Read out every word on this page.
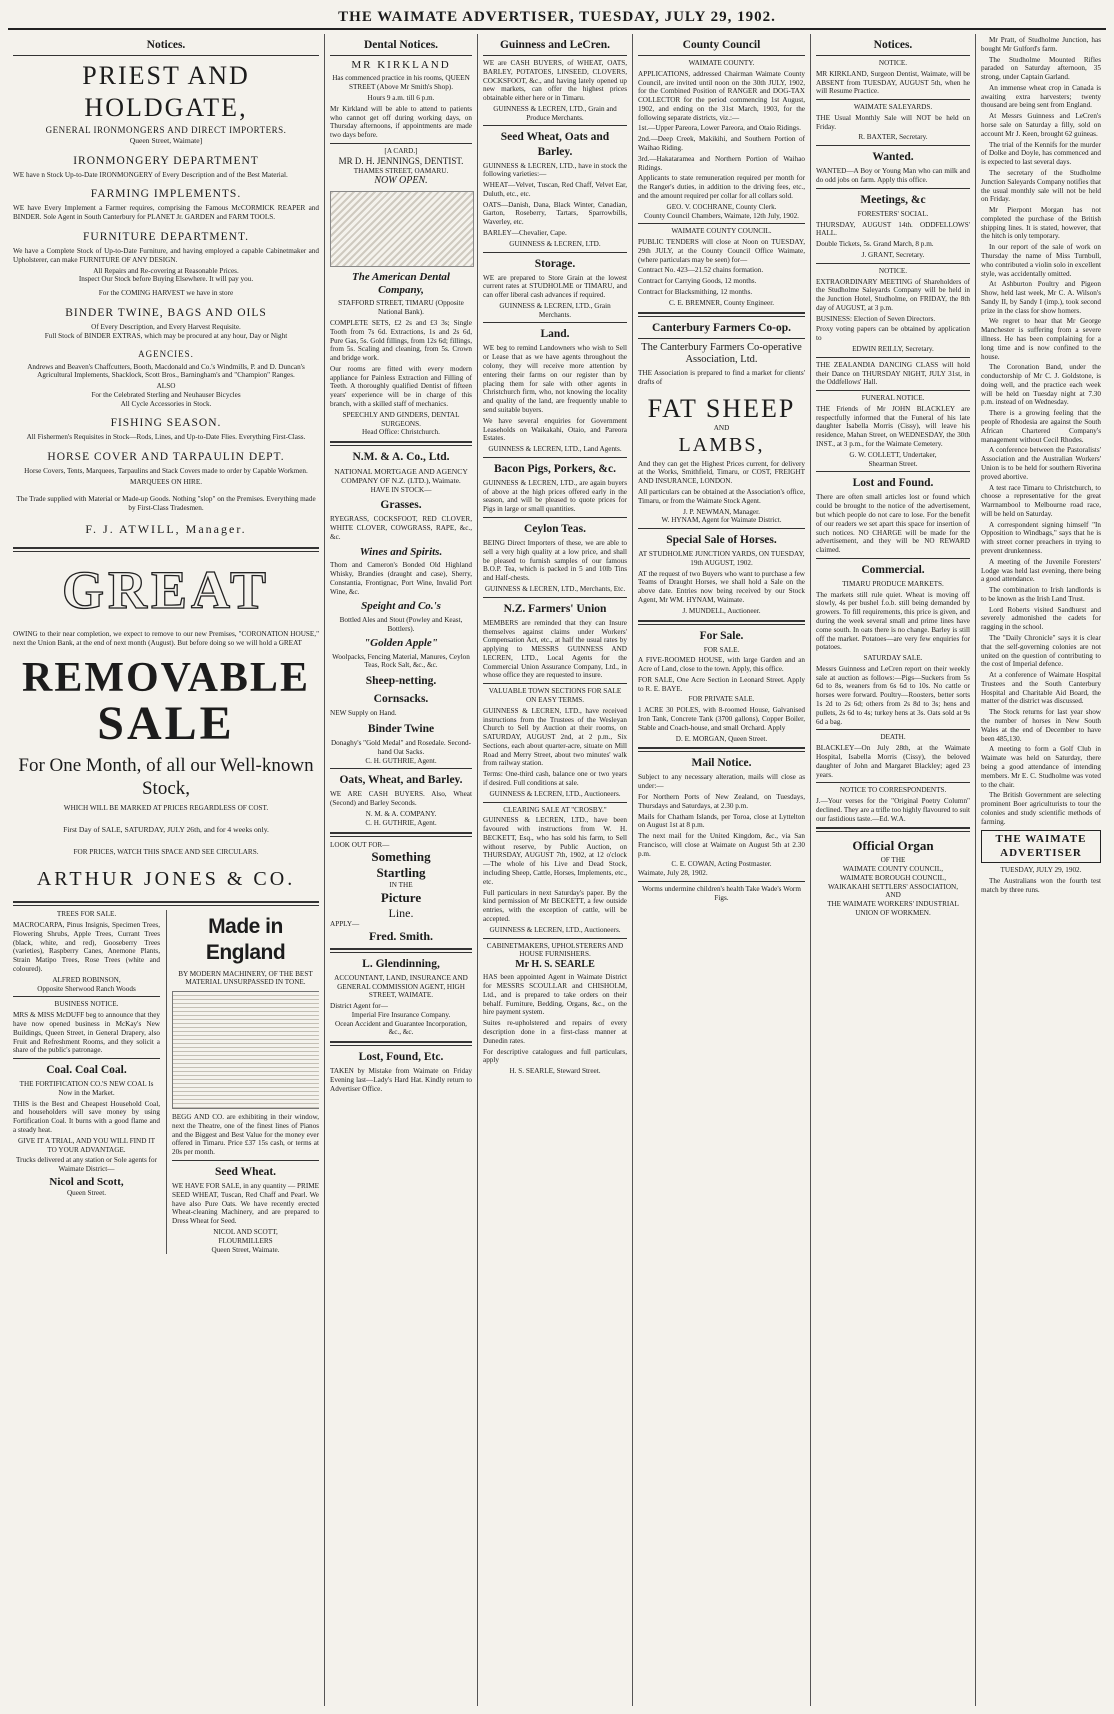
THE WAIMATE ADVERTISER, TUESDAY, JULY 29, 1902.
Notices.
PRIEST AND HOLDGATE,
GENERAL IRONMONGERS AND DIRECT IMPORTERS.
Queen Street, Waimate]
IRONMONGERY DEPARTMENT

WE have n Stock Up-to-Date IRONMONGERY of Every Description and of the Best Material.

FARMING IMPLEMENTS.

WE have Every Implement a Farmer requires, comprising the Famous McCORMICK REAPER and BINDER. Sole Agent in South Canterbury for PLANET Jr. GARDEN and FARM TOOLS.

FURNITURE DEPARTMENT.

We have a Complete Stock of Up-to-Date Furniture, and having employed a capable Cabinetmaker and Upholsterer, can make FURNITURE OF ANY DESIGN.

All Repairs and Re-covering at Reasonable Prices.
Inspect Our Stock before Buying Elsewhere. It will pay you.
For the COMING HARVEST we have in store
BINDER TWINE, BAGS AND OILS
Of Every Description, and Every Harvest Requisite.
Full Stock of BINDER EXTRAS, which may be procured at any hour, Day or Night
AGENCIES.

Andrews and Beaven's Chaffcutters, Booth, Macdonald and Co.'s Windmills, P. and D. Duncan's Agricultural Implements, Shacklock, Scott Bros., Barningham's and "Champion" Ranges.

ALSO
For the Celebrated Sterling and Neuhauser Bicycles
All Cycle Accessories in Stock.
FISHING SEASON.

All Fishermen's Requisites in Stock—Rods, Lines, and Up-to-Date Flies. Everything First-Class.

HORSE COVER AND TARPAULIN DEPT.

Horse Covers, Tents, Marquees, Tarpaulins and Stack Covers made to order by Capable Workmen.

MARQUEES ON HIRE.

The Trade supplied with Material or Made-up Goods. Nothing "slop" on the Premises. Everything made by First-Class Tradesmen.

F. J. ATWILL, Manager.
GREAT

OWING to their near completion, we expect to remove to our new Premises, "CORONATION HOUSE," next the Union Bank, at the end of next month (August). But before doing so we will hold a GREAT

REMOVABLE
SALE
For One Month, of all our Well-known Stock,
WHICH WILL BE MARKED AT PRICES REGARDLESS OF COST.
First Day of SALE, SATURDAY, JULY 26th, and for 4 weeks only.
FOR PRICES, WATCH THIS SPACE AND SEE CIRCULARS.
ARTHUR JONES & CO.
TREES FOR SALE.

MACROCARPA, Pinus Insignis, Specimen Trees, Flowering Shrubs, Apple Trees, Currant Trees (black, white, and red), Gooseberry Trees (varieties), Raspberry Canes, Anemone Plants, Strain Matipo Trees, Rose Trees (white and coloured).

ALFRED ROBINSON,
Opposite Sherwood Ranch Woods
BUSINESS NOTICE.

MRS & MISS McDUFF beg to announce that they have now opened business in McKay's New Buildings, Queen Street, in General Drapery, also Fruit and Refreshment Rooms, and they solicit a share of the public's patronage.

Coal. Coal Coal.

THE FORTIFICATION CO.'S NEW COAL Is Now in the Market.

THIS is the Best and Cheapest Household Coal, and householders will save money by using Fortification Coal. It burns with a good flame and a steady heat.

GIVE IT A TRIAL, AND YOU WILL FIND IT TO YOUR ADVANTAGE.

Trucks delivered at any station or Sole agents for Waimate District—

Nicol and Scott,
Queen Street.
Made in England
BY MODERN MACHINERY, OF THE BEST MATERIAL UNSURPASSED IN TONE.

BEGG AND CO. are exhibiting in their window, next the Theatre, one of the finest lines of Pianos and the Biggest and Best Value for the money ever offered in Timaru. Price £37 15s cash, or terms at 20s per month.

Seed Wheat.

WE HAVE FOR SALE, in any quantity — PRIME SEED WHEAT, Tuscan, Red Chaff and Pearl. We have also Pure Oats. We have recently erected Wheat-cleaning Machinery, and are prepared to Dress Wheat for Seed.

NICOL AND SCOTT,
FLOURMILLERS
Queen Street, Waimate.
Dental Notices.
MR KIRKLAND

Has commenced practice in his rooms, QUEEN STREET (Above Mr Smith's Shop).

Hours 9 a.m. till 6 p.m.

Mr Kirkland will be able to attend to patients who cannot get off during working days, on Thursday afternoons, if appointments are made two days before.

[A CARD.]
MR D. H. JENNINGS, DENTIST.
THAMES STREET, OAMARU.
NOW OPEN.
The American Dental Company,
STAFFORD STREET, TIMARU (Opposite National Bank).

COMPLETE SETS, £2 2s and £3 3s; Single Tooth from 7s 6d. Extractions, 1s and 2s 6d, Pure Gas, 5s. Gold fillings, from 12s 6d; fillings, from 5s. Scaling and cleaning, from 5s. Crown and bridge work.

Our rooms are fitted with every modern appliance for Painless Extraction and Filling of Teeth. A thoroughly qualified Dentist of fifteen years' experience will be in charge of this branch, with a skilled staff of mechanics.

SPEECHLY AND GINDERS, DENTAL SURGEONS.
Head Office: Christchurch.
N.M. & A. Co., Ltd.
NATIONAL MORTGAGE AND AGENCY COMPANY OF N.Z. (LTD.), Waimate.
HAVE IN STOCK—
Grasses.

RYEGRASS, COCKSFOOT, RED CLOVER, WHITE CLOVER, COWGRASS, RAPE, &c., &c.

Wines and Spirits.

Thom and Cameron's Bonded Old Highland Whisky, Brandies (draught and case), Sherry, Constantia, Frontignac, Port Wine, Invalid Port Wine, &c.

Speight and Co.'s
Bottled Ales and Stout (Powley and Keast, Bottlers).
"Golden Apple"
Woolpacks, Fencing Material, Manures, Ceylon Teas, Rock Salt, &c., &c.
Sheep-netting.
Cornsacks.
NEW Supply on Hand.
Binder Twine
Donaghy's "Gold Medal" and Rosedale. Second-hand Oat Sacks.
C. H. GUTHRIE, Agent.
Oats, Wheat, and Barley.

WE ARE CASH BUYERS. Also, Wheat (Second) and Barley Seconds.

N. M. & A. COMPANY.
C. H. GUTHRIE, Agent.
LOOK OUT FOR—
Something
Startling
IN THE
Picture
Line.
APPLY—
Fred. Smith.
L. Glendinning,

ACCOUNTANT, LAND, INSURANCE AND GENERAL COMMISSION AGENT, HIGH STREET, WAIMATE.

District Agent for—
Imperial Fire Insurance Company.
Ocean Accident and Guarantee Incorporation, &c., &c.
Lost, Found, Etc.

TAKEN by Mistake from Waimate on Friday Evening last—Lady's Hard Hat. Kindly return to Advertiser Office.

Guinness and LeCren.

WE are CASH BUYERS, of WHEAT, OATS, BARLEY, POTATOES, LINSEED, CLOVERS, COCKSFOOT, &c., and having lately opened up new markets, can offer the highest prices obtainable either here or in Timaru.

GUINNESS & LECREN, LTD., Grain and Produce Merchants.
Seed Wheat, Oats and Barley.

GUINNESS & LECREN, LTD., have in stock the following varieties:—

WHEAT—Velvet, Tuscan, Red Chaff, Velvet Ear, Duluth, etc., etc.

OATS—Danish, Dana, Black Winter, Canadian, Garton, Roseberry, Tartars, Sparrowbills, Waverley, etc.

BARLEY—Chevalier, Cape.

GUINNESS & LECREN, LTD.
Storage.

WE are prepared to Store Grain at the lowest current rates at STUDHOLME or TIMARU, and can offer liberal cash advances if required.

GUINNESS & LECREN, LTD., Grain Merchants.
Land.

WE beg to remind Landowners who wish to Sell or Lease that as we have agents throughout the colony, they will receive more attention by entering their farms on our register than by placing them for sale with other agents in Christchurch firm, who, not knowing the locality and quality of the land, are frequently unable to send suitable buyers.

We have several enquiries for Government Leaseholds on Waikakahi, Otaio, and Pareora Estates.

GUINNESS & LECREN, LTD., Land Agents.
Bacon Pigs, Porkers, &c.

GUINNESS & LECREN, LTD., are again buyers of above at the high prices offered early in the season, and will be pleased to quote prices for Pigs in large or small quantities.

Ceylon Teas.

BEING Direct Importers of these, we are able to sell a very high quality at a low price, and shall be pleased to furnish samples of our famous B.O.P. Tea, which is packed in 5 and 10lb Tins and Half-chests.

GUINNESS & LECREN, LTD., Merchants, Etc.
N.Z. Farmers' Union

MEMBERS are reminded that they can Insure themselves against claims under Workers' Compensation Act, etc., at half the usual rates by applying to MESSRS GUINNESS AND LECREN, LTD., Local Agents for the Commercial Union Assurance Company, Ltd., in whose office they are requested to insure.

VALUABLE TOWN SECTIONS FOR SALE ON EASY TERMS.

GUINNESS & LECREN, LTD., have received instructions from the Trustees of the Wesleyan Church to Sell by Auction at their rooms, on SATURDAY, AUGUST 2nd, at 2 p.m., Six Sections, each about quarter-acre, situate on Mill Road and Merry Street, about two minutes' walk from railway station.

Terms: One-third cash, balance one or two years if desired. Full conditions at sale.

GUINNESS & LECREN, LTD., Auctioneers.
CLEARING SALE AT "CROSBY."

GUINNESS & LECREN, LTD., have been favoured with instructions from W. H. BECKETT, Esq., who has sold his farm, to Sell without reserve, by Public Auction, on THURSDAY, AUGUST 7th, 1902, at 12 o'clock—The whole of his Live and Dead Stock, including Sheep, Cattle, Horses, Implements, etc., etc.

Full particulars in next Saturday's paper. By the kind permission of Mr BECKETT, a few outside entries, with the exception of cattle, will be accepted.

GUINNESS & LECREN, LTD., Auctioneers.
CABINETMAKERS, UPHOLSTERERS AND HOUSE FURNISHERS.
Mr H. S. SEARLE

HAS been appointed Agent in Waimate District for MESSRS SCOULLAR and CHISHOLM, Ltd., and is prepared to take orders on their behalf. Furniture, Bedding, Organs, &c., on the hire payment system.

Suites re-upholstered and repairs of every description done in a first-class manner at Dunedin rates.

For descriptive catalogues and full particulars, apply

H. S. SEARLE, Steward Street.
County Council
WAIMATE COUNTY.

APPLICATIONS, addressed Chairman Waimate County Council, are invited until noon on the 30th JULY, 1902, for the Combined Position of RANGER and DOG-TAX COLLECTOR for the period commencing 1st August, 1902, and ending on the 31st March, 1903, for the following separate districts, viz.:—

1st.—Upper Pareora, Lower Pareora, and Otaio Ridings.

2nd.—Deep Creek, Makikihi, and Southern Portion of Waihao Riding.

3rd.—Hakataramea and Northern Portion of Waihao Ridings.

Applicants to state remuneration required per month for the Ranger's duties, in addition to the driving fees, etc., and the amount required per collar for all collars sold.

GEO. V. COCHRANE, County Clerk.
County Council Chambers, Waimate, 12th July, 1902.
WAIMATE COUNTY COUNCIL.

PUBLIC TENDERS will close at Noon on TUESDAY, 29th JULY, at the County Council Office Waimate, (where particulars may be seen) for—

Contract No. 423—21.52 chains formation.

Contract for Carrying Goods, 12 months.

Contract for Blacksmithing, 12 months.

C. E. BREMNER, County Engineer.
Canterbury Farmers Co-op.
The Canterbury Farmers Co-operative Association, Ltd.

THE Association is prepared to find a market for clients' drafts of

FAT SHEEP
AND
LAMBS,

And they can get the Highest Prices current, for delivery at the Works, Smithfield, Timaru, or COST, FREIGHT AND INSURANCE, LONDON.

All particulars can be obtained at the Association's office, Timaru, or from the Waimate Stock Agent.

J. P. NEWMAN, Manager.
W. HYNAM, Agent for Waimate District.
Special Sale of Horses.
AT STUDHOLME JUNCTION YARDS, ON TUESDAY, 19th AUGUST, 1902.

AT the request of two Buyers who want to purchase a few Teams of Draught Horses, we shall hold a Sale on the above date. Entries now being received by our Stock Agent, Mr WM. HYNAM, Waimate.

J. MUNDELL, Auctioneer.
For Sale.
FOR SALE.

A FIVE-ROOMED HOUSE, with large Garden and an Acre of Land, close to the town. Apply, this office.

FOR SALE, One Acre Section in Leonard Street. Apply to R. E. BAYE.

FOR PRIVATE SALE.

1 ACRE 30 POLES, with 8-roomed House, Galvanised Iron Tank, Concrete Tank (3700 gallons), Copper Boiler, Stable and Coach-house, and small Orchard. Apply

D. E. MORGAN, Queen Street.
Mail Notice.

Subject to any necessary alteration, mails will close as under:—

For Northern Ports of New Zealand, on Tuesdays, Thursdays and Saturdays, at 2.30 p.m.

Mails for Chatham Islands, per Toroa, close at Lyttelton on August 1st at 8 p.m.

The next mail for the United Kingdom, &c., via San Francisco, will close at Waimate on August 5th at 2.30 p.m.

C. E. COWAN, Acting Postmaster.
Waimate, July 28, 1902.
Worms undermine children's health Take Wade's Worm Figs.
Notices.
NOTICE.

MR KIRKLAND, Surgeon Dentist, Waimate, will be ABSENT from TUESDAY, AUGUST 5th, when he will Resume Practice.

WAIMATE SALEYARDS.

THE Usual Monthly Sale will NOT be held on Friday.

R. BAXTER, Secretary.
Wanted.

WANTED—A Boy or Young Man who can milk and do odd jobs on farm. Apply this office.

Meetings, &c
FORESTERS' SOCIAL.

THURSDAY, AUGUST 14th. ODDFELLOWS' HALL.

Double Tickets, 5s. Grand March, 8 p.m.

J. GRANT, Secretary.
NOTICE.

EXTRAORDINARY MEETING of Shareholders of the Studholme Saleyards Company will be held in the Junction Hotel, Studholme, on FRIDAY, the 8th day of AUGUST, at 3 p.m.

BUSINESS: Election of Seven Directors.

Proxy voting papers can be obtained by application to

EDWIN REILLY, Secretary.

THE ZEALANDIA DANCING CLASS will hold their Dance on THURSDAY NIGHT, JULY 31st, in the Oddfellows' Hall.

FUNERAL NOTICE.

THE Friends of Mr JOHN BLACKLEY are respectfully informed that the Funeral of his late daughter Isabella Morris (Cissy), will leave his residence, Mahan Street, on WEDNESDAY, the 30th INST., at 3 p.m., for the Waimate Cemetery.

G. W. COLLETT, Undertaker,
Shearman Street.
Lost and Found.

There are often small articles lost or found which could be brought to the notice of the advertisement, but which people do not care to lose. For the benefit of our readers we set apart this space for insertion of such notices. NO CHARGE will be made for the advertisement, and they will be NO REWARD claimed.

Commercial.
TIMARU PRODUCE MARKETS.

The markets still rule quiet. Wheat is moving off slowly, 4s per bushel f.o.b. still being demanded by growers. To fill requirements, this price is given, and during the week several small and prime lines have come south. In oats there is no change. Barley is still off the market. Potatoes—are very few enquiries for potatoes.

SATURDAY SALE.

Messrs Guinness and LeCren report on their weekly sale at auction as follows:—Pigs—Suckers from 5s 6d to 8s, weaners from 6s 6d to 10s. No cattle or horses were forward. Poultry—Roosters, better sorts 1s 2d to 2s 6d; others from 2s 8d to 3s; hens and pullets, 2s 6d to 4s; turkey hens at 3s. Oats sold at 9s 6d a bag.

DEATH.

BLACKLEY—On July 28th, at the Waimate Hospital, Isabella Morris (Cissy), the beloved daughter of John and Margaret Blackley; aged 23 years.

NOTICE TO CORRESPONDENTS.

J.—Your verses for the "Original Poetry Column" declined. They are a trifle too highly flavoured to suit our fastidious taste.—Ed. W.A.

Official Organ
OF THE
WAIMATE COUNTY COUNCIL,
WAIMATE BOROUGH COUNCIL,
WAIKAKAHI SETTLERS' ASSOCIATION,
AND
THE WAIMATE WORKERS' INDUSTRIAL UNION OF WORKMEN.

Mr Pratt, of Studholme Junction, has bought Mr Gulford's farm.

The Studholme Mounted Rifles paraded on Saturday afternoon, 35 strong, under Captain Garland.

An immense wheat crop in Canada is awaiting extra harvesters; twenty thousand are being sent from England.

At Messrs Guinness and LeCren's horse sale on Saturday a filly, sold on account Mr J. Keen, brought 62 guineas.

The trial of the Kennifs for the murder of Dolke and Doyle, has commenced and is expected to last several days.

The secretary of the Studholme Junction Saleyards Company notifies that the usual monthly sale will not be held on Friday.

Mr Pierpont Morgan has not completed the purchase of the British shipping lines. It is stated, however, that the hitch is only temporary.

In our report of the sale of work on Thursday the name of Miss Turnbull, who contributed a violin solo in excellent style, was accidentally omitted.

At Ashburton Poultry and Pigeon Show, held last week, Mr C. A. Wilson's Sandy II, by Sandy I (imp.), took second prize in the class for show homers.

We regret to hear that Mr George Manchester is suffering from a severe illness. He has been complaining for a long time and is now confined to the house.

The Coronation Band, under the conductorship of Mr C. J. Goldstone, is doing well, and the practice each week will be held on Tuesday night at 7.30 p.m. instead of on Wednesday.

There is a growing feeling that the people of Rhodesia are against the South African Chartered Company's management without Cecil Rhodes.

A conference between the Pastoralists' Association and the Australian Workers' Union is to be held for southern Riverina proved abortive.

A test race Timaru to Christchurch, to choose a representative for the great Warrnambool to Melbourne road race, will be held on Saturday.

A correspondent signing himself "In Opposition to Windbags," says that he is with street corner preachers in trying to prevent drunkenness.

A meeting of the Juvenile Foresters' Lodge was held last evening, there being a good attendance.

The combination to Irish landlords is to be known as the Irish Land Trust.

Lord Roberts visited Sandhurst and severely admonished the cadets for ragging in the school.

The "Daily Chronicle" says it is clear that the self-governing colonies are not united on the question of contributing to the cost of Imperial defence.

At a conference of Waimate Hospital Trustees and the South Canterbury Hospital and Charitable Aid Board, the matter of the district was discussed.

The Stock returns for last year show the number of horses in New South Wales at the end of December to have been 485,130.

A meeting to form a Golf Club in Waimate was held on Saturday, there being a good attendance of intending members. Mr E. C. Studholme was voted to the chair.

The British Government are selecting prominent Boer agriculturists to tour the colonies and study scientific methods of farming.

THE WAIMATE ADVERTISER
TUESDAY, JULY 29, 1902.

The Australians won the fourth test match by three runs.
